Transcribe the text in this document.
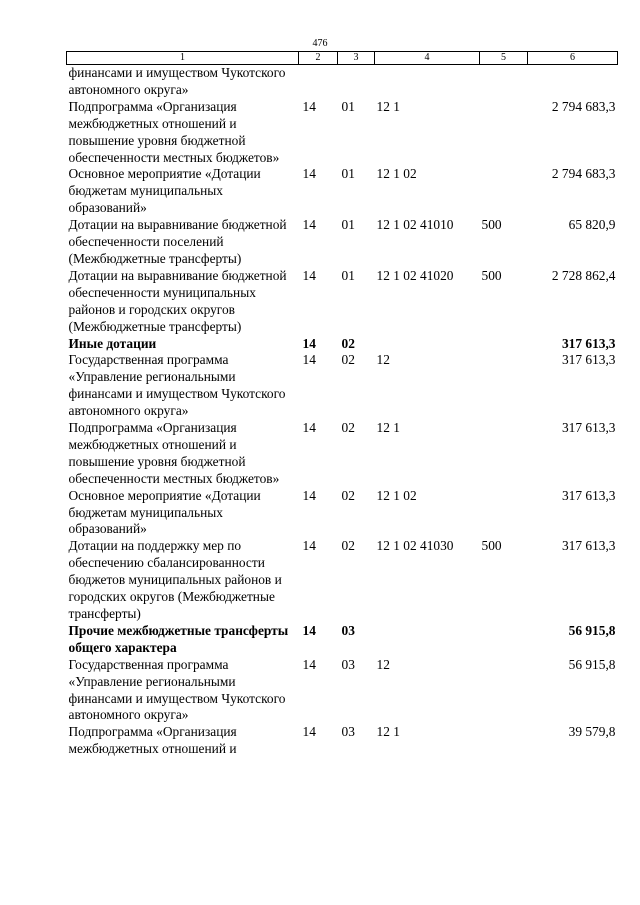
476
1	2	3	4	5	6
финансами и имуществом Чукотского автономного округа»					
Подпрограмма «Организация межбюджетных отношений и повышение уровня бюджетной обеспеченности местных бюджетов»	14	01	12 1		2 794 683,3
Основное мероприятие «Дотации бюджетам муниципальных образований»	14	01	12 1 02		2 794 683,3
Дотации на выравнивание бюджетной обеспеченности поселений (Межбюджетные трансферты)	14	01	12 1 02 41010	500	65 820,9
Дотации на выравнивание бюджетной обеспеченности муниципальных районов и городских округов (Межбюджетные трансферты)	14	01	12 1 02 41020	500	2 728 862,4
Иные дотации	14	02			317 613,3
Государственная программа «Управление региональными финансами и имуществом Чукотского автономного округа»	14	02	12		317 613,3
Подпрограмма «Организация межбюджетных отношений и повышение уровня бюджетной обеспеченности местных бюджетов»	14	02	12 1		317 613,3
Основное мероприятие «Дотации бюджетам муниципальных образований»	14	02	12 1 02		317 613,3
Дотации на поддержку мер по обеспечению сбалансированности бюджетов муниципальных районов и городских округов (Межбюджетные трансферты)	14	02	12 1 02 41030	500	317 613,3
Прочие межбюджетные трансферты общего характера	14	03			56 915,8
Государственная программа «Управление региональными финансами и имуществом Чукотского автономного округа»	14	03	12		56 915,8
Подпрограмма «Организация межбюджетных отношений и	14	03	12 1		39 579,8
